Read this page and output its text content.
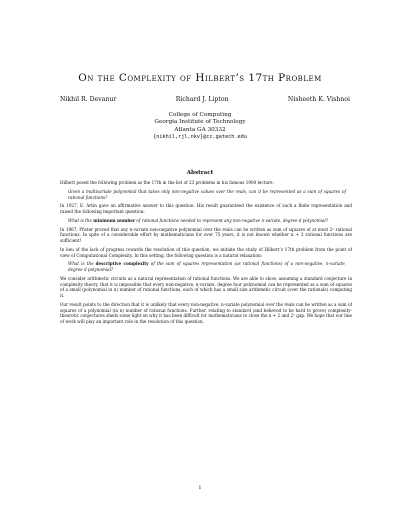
On the Complexity of Hilbert’s 17th Problem
Nikhil R. Devanur	Richard J. Lipton	Nisheeth K. Vishnoi
College of Computing
Georgia Institute of Technology
Atlanta GA 30332
{nikhil,rjl,nkv}@cc.gatech.edu
Abstract

Hilbert posed the following problem as the 17th in the list of 23 problems in his famous 1900 lecture:

Given a multivariate polynomial that takes only non-negative values over the reals, can it be represented as a sum of squares of rational functions?

In 1927, E. Artin gave an affirmative answer to this question. His result guaranteed the existence of such a finite representation and raised the following important question:

What is the minimum number of rational functions needed to represent any non-negative n-variate, degree d polynomial?

In 1967, Pfister proved that any n-variate non-negative polynomial over the reals can be written as sum of squares of at most 2ⁿ rational functions. In spite of a considerable effort by mathematicians for over 75 years, it is not known whether n + 2 rational functions are sufficient!

In lieu of the lack of progress towards the resolution of this question, we initiate the study of Hilbert’s 17th problem from the point of view of Computational Complexity. In this setting, the following question is a natural relaxation:

What is the descriptive complexity of the sum of squares representation (as rational functions) of a non-negative, n-variate, degree d polynomial?

We consider arithmetic circuits as a natural representation of rational functions. We are able to show, assuming a standard conjecture in complexity theory, that it is impossible that every non-negative, n-variate, degree four polynomial can be represented as a sum of squares of a small (polynomial in n) number of rational functions, each of which has a small size arithmetic circuit (over the rationals) computing it.

Our result points to the direction that it is unlikely that every non-negative, n-variate polynomial over the reals can be written as a sum of squares of a polynomial (in n) number of rational functions. Further, relating to standard (and believed to be hard to prove) complexity-theoretic conjectures sheds some light on why it has been difficult for mathematicians to close the n + 2 and 2ⁿ gap. We hope that our line of work will play an important role in the resolution of this question.

1
